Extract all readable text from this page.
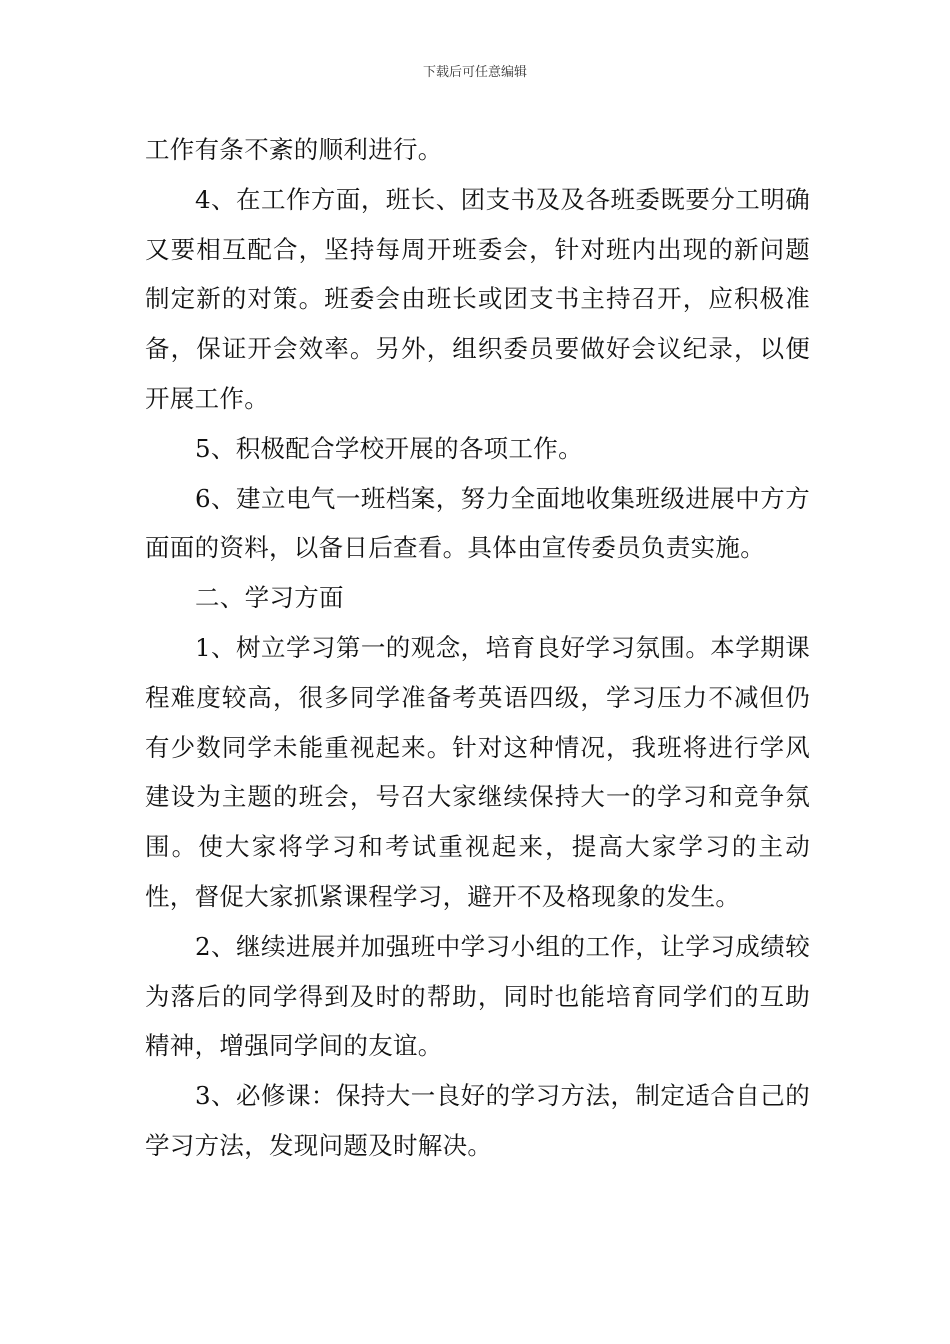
下载后可任意编辑

工作有条不紊的顺利进行。

4、在工作方面，班长、团支书及及各班委既要分工明确又要相互配合，坚持每周开班委会，针对班内出现的新问题制定新的对策。班委会由班长或团支书主持召开，应积极准备，保证开会效率。另外，组织委员要做好会议纪录，以便开展工作。

5、积极配合学校开展的各项工作。

6、建立电气一班档案，努力全面地收集班级进展中方方面面的资料，以备日后查看。具体由宣传委员负责实施。

二、学习方面

1、树立学习第一的观念，培育良好学习氛围。本学期课程难度较高，很多同学准备考英语四级，学习压力不减但仍有少数同学未能重视起来。针对这种情况，我班将进行学风建设为主题的班会，号召大家继续保持大一的学习和竞争氛围。使大家将学习和考试重视起来，提高大家学习的主动性，督促大家抓紧课程学习，避开不及格现象的发生。

2、继续进展并加强班中学习小组的工作，让学习成绩较为落后的同学得到及时的帮助，同时也能培育同学们的互助精神，增强同学间的友谊。

3、必修课：保持大一良好的学习方法，制定适合自己的学习方法，发现问题及时解决。
